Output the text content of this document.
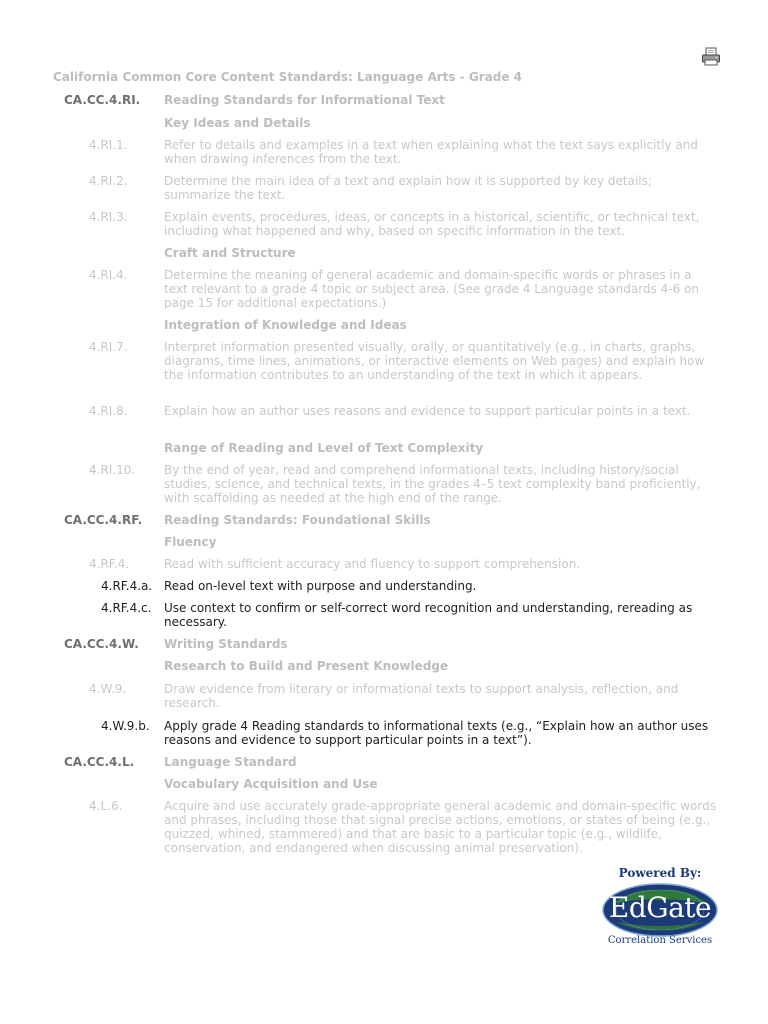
California Common Core Content Standards: Language Arts - Grade 4
CA.CC.4.RI. Reading Standards for Informational Text
Key Ideas and Details
4.RI.1.	Refer to details and examples in a text when explaining what the text says explicitly and when drawing inferences from the text.
4.RI.2.	Determine the main idea of a text and explain how it is supported by key details; summarize the text.
4.RI.3.	Explain events, procedures, ideas, or concepts in a historical, scientific, or technical text, including what happened and why, based on specific information in the text.
Craft and Structure
4.RI.4.	Determine the meaning of general academic and domain-specific words or phrases in a text relevant to a grade 4 topic or subject area. (See grade 4 Language standards 4-6 on page 15 for additional expectations.)
Integration of Knowledge and Ideas
4.RI.7.	Interpret information presented visually, orally, or quantitatively (e.g., in charts, graphs, diagrams, time lines, animations, or interactive elements on Web pages) and explain how the information contributes to an understanding of the text in which it appears.
4.RI.8.	Explain how an author uses reasons and evidence to support particular points in a text.
Range of Reading and Level of Text Complexity
4.RI.10. By the end of year, read and comprehend informational texts, including history/social studies, science, and technical texts, in the grades 4–5 text complexity band proficiently, with scaffolding as needed at the high end of the range.
CA.CC.4.RF. Reading Standards: Foundational Skills
Fluency
4.RF.4.	Read with sufficient accuracy and fluency to support comprehension.
4.RF.4.a. Read on-level text with purpose and understanding.
4.RF.4.c. Use context to confirm or self-correct word recognition and understanding, rereading as necessary.
CA.CC.4.W. Writing Standards
Research to Build and Present Knowledge
4.W.9.	Draw evidence from literary or informational texts to support analysis, reflection, and research.
4.W.9.b. Apply grade 4 Reading standards to informational texts (e.g., “Explain how an author uses reasons and evidence to support particular points in a text”).
CA.CC.4.L. Language Standard
Vocabulary Acquisition and Use
4.L.6.	Acquire and use accurately grade-appropriate general academic and domain-specific words and phrases, including those that signal precise actions, emotions, or states of being (e.g., quizzed, whined, stammered) and that are basic to a particular topic (e.g., wildlife, conservation, and endangered when discussing animal preservation).
Powered By:
EdGate
Correlation Services
